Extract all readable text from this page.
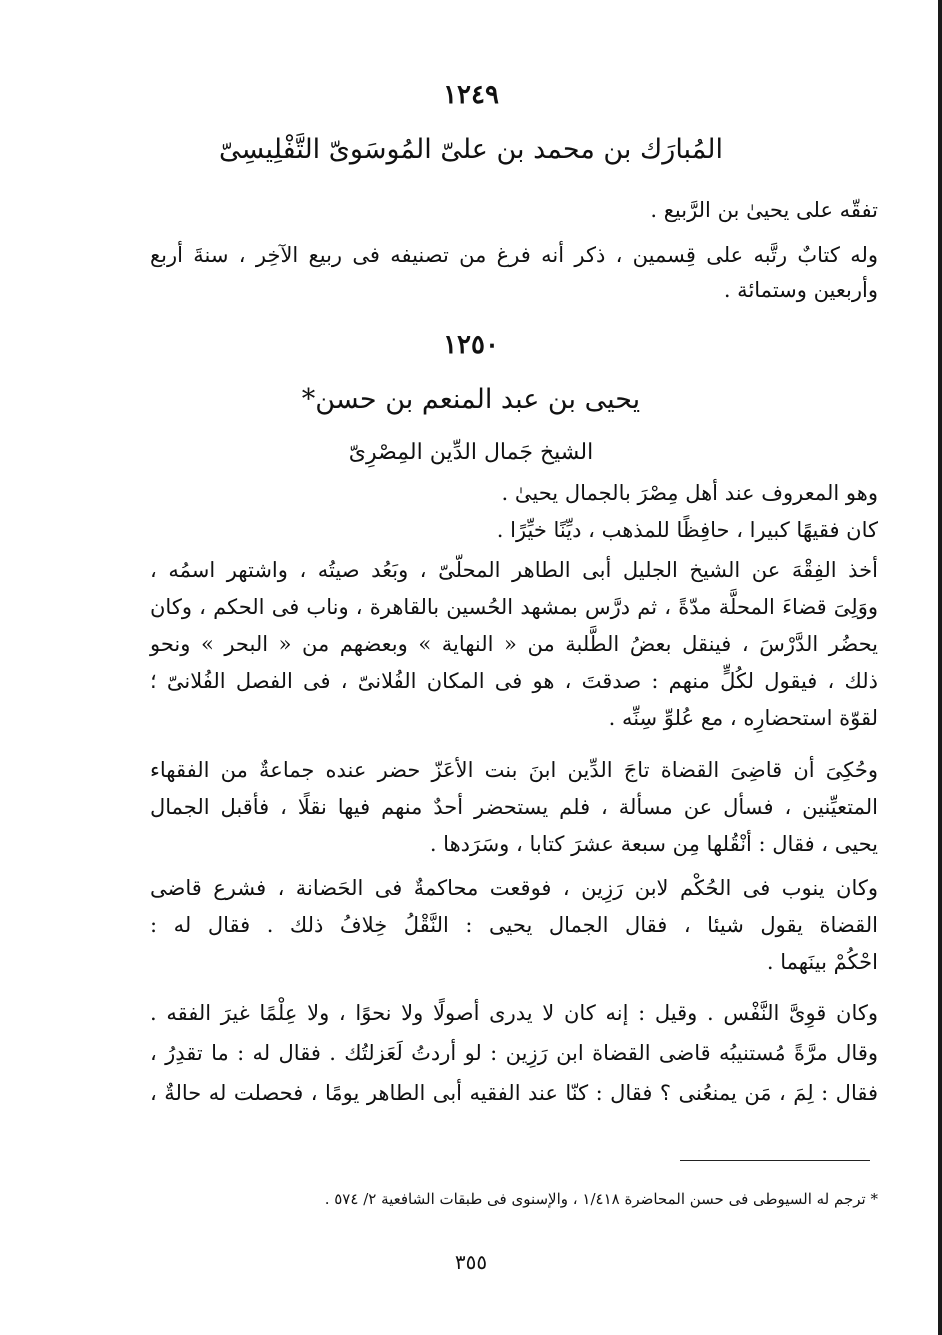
١٢٤٩
المُبارَك بن محمد بن علىّ المُوسَوىّ التَّفْلِيسِىّ
تفقّه على يحيىٰ بن الرَّبيع .
وله كتابٌ رتَّبه على قِسمين ، ذكر أنه فرغ من تصنيفه فى ربيع الآخِر ، سنةَ أربع
وأربعين وستمائة .
١٢٥٠
يحيى بن عبد المنعم بن حسن*
الشيخ جَمال الدِّين المِصْرِىّ
وهو المعروف عند أهل مِصْرَ بالجمال يحيىٰ .
كان فقيهًا كبيرا ، حافِظًا للمذهب ، ديِّنًا خيِّرًا .
أخذ الفِقْهَ عن الشيخ الجليل أبى الطاهر المحلّىّ ، وبَعُد صيتُه ، واشتهر اسمُه ،
ووَلِىَ قضاءَ المحلَّة مدّةً ، ثم درَّس بمشهد الحُسين بالقاهرة ، وناب فى الحكم ، وكان
يحضُر الدَّرْسَ ، فينقل بعضُ الطَّلبة من « النهاية » وبعضهم من « البحر » ونحو
ذلك ، فيقول لكُلٍّ منهم : صدقتَ ، هو فى المكان الفُلانىّ ، فى الفصل الفُلانىّ ؛
لقوّة استحضارِه ، مع عُلوِّ سِنِّه .
وحُكِىَ أن قاضِىَ القضاة تاجَ الدِّين ابنَ بنت الأعَزّ حضر عنده جماعةٌ من الفقهاء
المتعيِّنين ، فسأل عن مسألة ، فلم يستحضر أحدٌ منهم فيها نقلًا ، فأقبل الجمال
يحيى ، فقال : أنْقُلها مِن سبعة عشرَ كتابا ، وسَرَدها .
وكان ينوب فى الحُكْم لابن رَزِين ، فوقعت محاكمةٌ فى الحَضانة ، فشرع قاضى
القضاة يقول شيئا ، فقال الجمال يحيى : النَّقْلُ خِلافُ ذلك . فقال له :
احْكُمْ بينَهما .
وكان قوِىَّ النَّفْس . وقيل : إنه كان لا يدرى أصولًا ولا نحوًا ، ولا عِلْمًا غيرَ الفقه .
وقال مرَّةً مُستنيبُه قاضى القضاة ابن رَزِين : لو أردتُ لَعَزلتُك . فقال له : ما تقدِرُ ،
فقال : لِمَ ، مَن يمنعُنى ؟ فقال : كنّا عند الفقيه أبى الطاهر يومًا ، فحصلت له حالةٌ ،
* ترجم له السيوطى فى حسن المحاضرة ١/٤١٨ ، والإسنوى فى طبقات الشافعية ٢/ ٥٧٤ .
٣٥٥
